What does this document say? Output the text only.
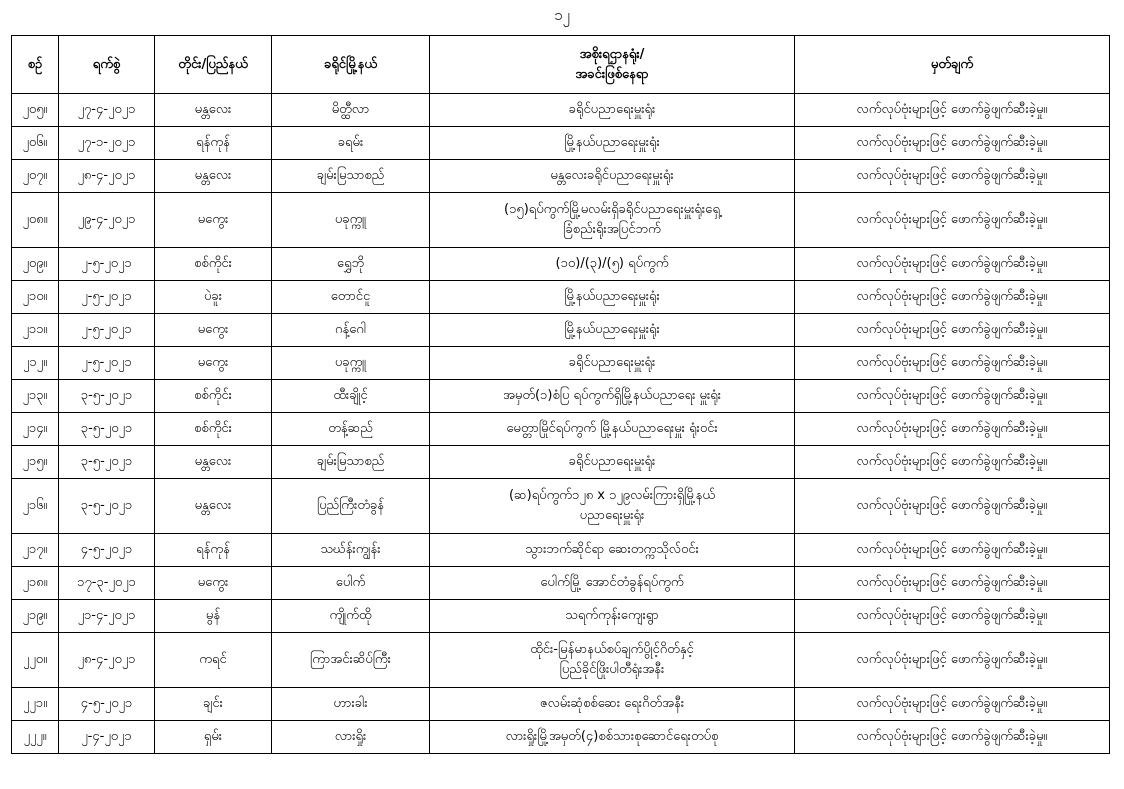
၁၂
စဉ်	ရက်စွဲ	တိုင်း/ပြည်နယ်	ခရိုင်မြို့နယ်	အစိုးရဌာနရုံး/
အခင်းဖြစ်နေရာ	မှတ်ချက်
၂၀၅။	၂၇-၄-၂၀၂၁	မန္တလေး	မိတ္ထီလာ	ခရိုင်ပညာရေးမှူးရုံး	လက်လုပ်ဗုံးများဖြင့် ဖောက်ခွဲဖျက်ဆီးခဲ့မှု။
၂၀၆။	၂၇-၁-၂၀၂၁	ရန်ကုန်	ခရမ်း	မြို့နယ်ပညာရေးမှူးရုံး	လက်လုပ်ဗုံးများဖြင့် ဖောက်ခွဲဖျက်ဆီးခဲ့မှု။
၂၀၇။	၂၈-၄-၂၀၂၁	မန္တလေး	ချမ်းမြသာစည်	မန္တလေးခရိုင်ပညာရေးမှူးရုံး	လက်လုပ်ဗုံးများဖြင့် ဖောက်ခွဲဖျက်ဆီးခဲ့မှု။
၂၀၈။	၂၉-၄-၂၀၂၁	မကွေး	ပခုက္ကူ	(၁၅)ရပ်ကွက်မြို့မလမ်းရှိခရိုင်ပညာရေးမှူးရုံးရှေ့
ခြံစည်းရိုးအပြင်ဘက်	လက်လုပ်ဗုံးများဖြင့် ဖောက်ခွဲဖျက်ဆီးခဲ့မှု။
၂၀၉။	၂-၅-၂၀၂၁	စစ်ကိုင်း	ရွှေဘို	(၁၀)/(၃)/(၅) ရပ်ကွက်	လက်လုပ်ဗုံးများဖြင့် ဖောက်ခွဲဖျက်ဆီးခဲ့မှု။
၂၁၀။	၂-၅-၂၀၂၁	ပဲခူး	တောင်ငူ	မြို့နယ်ပညာရေးမှူးရုံး	လက်လုပ်ဗုံးများဖြင့် ဖောက်ခွဲဖျက်ဆီးခဲ့မှု။
၂၁၁။	၂-၅-၂၀၂၁	မကွေး	ဂန့်ဂေါ	မြို့နယ်ပညာရေးမှူးရုံး	လက်လုပ်ဗုံးများဖြင့် ဖောက်ခွဲဖျက်ဆီးခဲ့မှု။
၂၁၂။	၂-၅-၂၀၂၁	မကွေး	ပခုက္ကူ	ခရိုင်ပညာရေးမှူးရုံး	လက်လုပ်ဗုံးများဖြင့် ဖောက်ခွဲဖျက်ဆီးခဲ့မှု။
၂၁၃။	၃-၅-၂၀၂၁	စစ်ကိုင်း	ထီးချိုင့်	အမှတ်(၁)စံပြ ရပ်ကွက်ရှိမြို့နယ်ပညာရေး မှူးရုံး	လက်လုပ်ဗုံးများဖြင့် ဖောက်ခွဲဖျက်ဆီးခဲ့မှု။
၂၁၄။	၃-၅-၂၀၂၁	စစ်ကိုင်း	တန့်ဆည်	မေတ္တာမြိုင်ရပ်ကွက် မြို့နယ်ပညာရေးမှူး ရုံးဝင်း	လက်လုပ်ဗုံးများဖြင့် ဖောက်ခွဲဖျက်ဆီးခဲ့မှု။
၂၁၅။	၃-၅-၂၀၂၁	မန္တလေး	ချမ်းမြသာစည်	ခရိုင်ပညာရေးမှူးရုံး	လက်လုပ်ဗုံးများဖြင့် ဖောက်ခွဲဖျက်ဆီးခဲ့မှု။
၂၁၆။	၃-၅-၂၀၂၁	မန္တလေး	ပြည်ကြီးတံခွန်	(ဆ)ရပ်ကွက်၁၂၈ x ၁၂၉လမ်းကြားရှိမြို့နယ်
ပညာရေးမှူးရုံး	လက်လုပ်ဗုံးများဖြင့် ဖောက်ခွဲဖျက်ဆီးခဲ့မှု။
၂၁၇။	၄-၅-၂၀၂၁	ရန်ကုန်	သဃ်န်းကျွန်း	သွားဘက်ဆိုင်ရာ ဆေးတက္ကသိုလ်ဝင်း	လက်လုပ်ဗုံးများဖြင့် ဖောက်ခွဲဖျက်ဆီးခဲ့မှု။
၂၁၈။	၁၇-၃-၂၀၂၁	မကွေး	ပေါက်	ပေါက်မြို့ အောင်တံခွန်ရပ်ကွက်	လက်လုပ်ဗုံးများဖြင့် ဖောက်ခွဲဖျက်ဆီးခဲ့မှု။
၂၁၉။	၂၁-၄-၂၀၂၁	မွန်	ကျိုက်ထို	သရက်ကုန်းကျေးရွာ	လက်လုပ်ဗုံးများဖြင့် ဖောက်ခွဲဖျက်ဆီးခဲ့မှု။
၂၂၀။	၂၈-၄-၂၀၂၁	ကရင်	ကြာအင်းဆိပ်ကြီး	ထိုင်း-မြန်မာနယ်စပ်ချက်ပွိုင့်ဂိတ်နှင့်
ပြည်ခိုင်ဖြိုးပါတီရုံးအနီး	လက်လုပ်ဗုံးများဖြင့် ဖောက်ခွဲဖျက်ဆီးခဲ့မှု။
၂၂၁။	၄-၅-၂၀၂၁	ချင်း	ဟားခါး	ဇလမ်းဆုံစစ်ဆေး ရေးဂိတ်အနီး	လက်လုပ်ဗုံးများဖြင့် ဖောက်ခွဲဖျက်ဆီးခဲ့မှု။
၂၂၂။	၂-၄-၂၀၂၁	ရှမ်း	လားရှိုး	လားရှိုးမြို့အမှတ်(၄)စစ်သားစုဆောင်ရေးတပ်စု	လက်လုပ်ဗုံးများဖြင့် ဖောက်ခွဲဖျက်ဆီးခဲ့မှု။
